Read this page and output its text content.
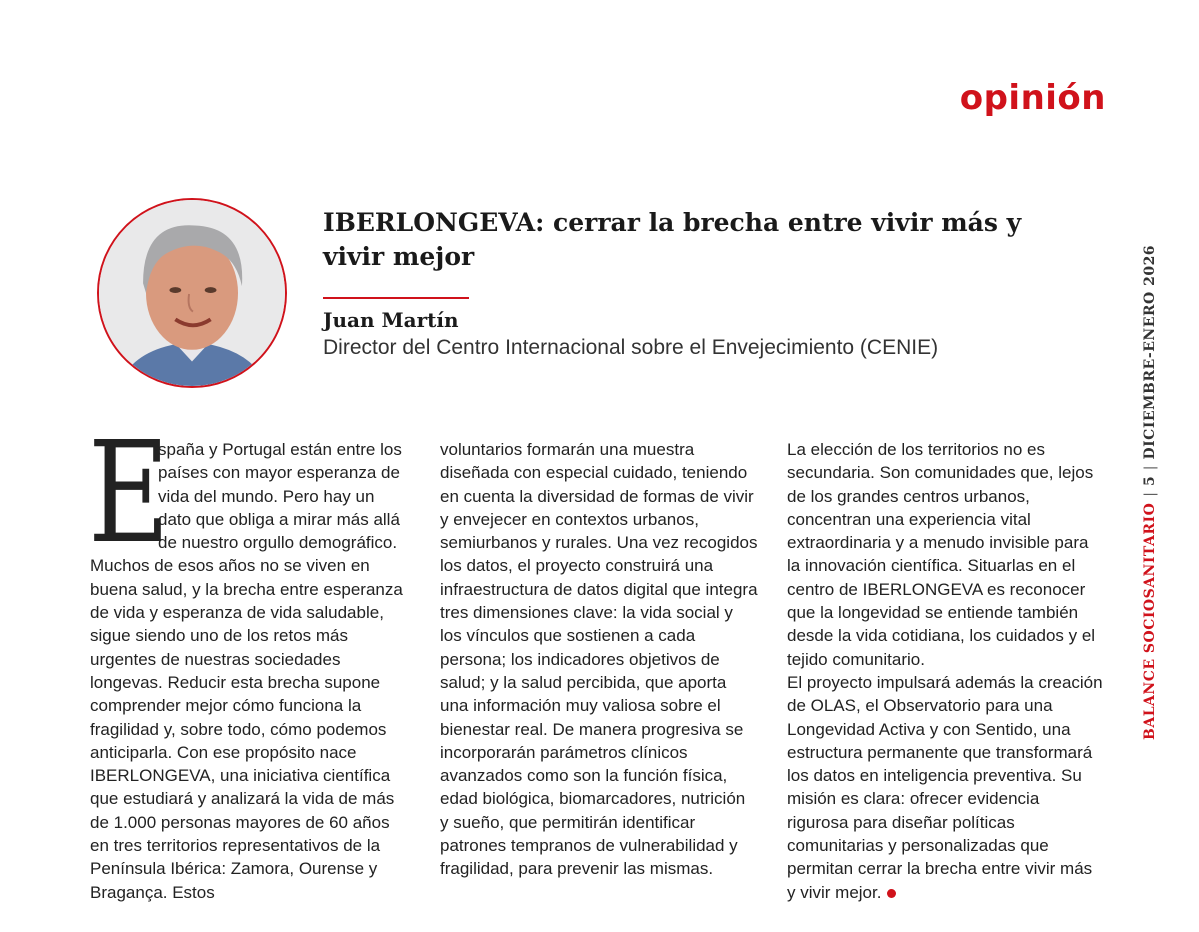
opinión
IBERLONGEVA: cerrar la brecha entre vivir más y vivir mejor
Juan Martín
Director del Centro Internacional sobre el Envejecimiento (CENIE)
E

spaña y Portugal están entre los países con mayor esperanza de vida del mundo. Pero hay un dato que obliga a mirar más allá de nuestro orgullo demográfico. Muchos de esos años no se viven en buena salud, y la brecha entre esperanza de vida y esperanza de vida saludable, sigue siendo uno de los retos más urgentes de nuestras sociedades longevas. Reducir esta brecha supone comprender mejor cómo funciona la fragilidad y, sobre todo, cómo podemos anticiparla. Con ese propósito nace IBERLONGEVA, una iniciativa científica que estudiará y analizará la vida de más de 1.000 personas mayores de 60 años en tres territorios representativos de la Península Ibérica: Zamora, Ourense y Bragança. Estos

voluntarios formarán una muestra diseñada con especial cuidado, teniendo en cuenta la diversidad de formas de vivir y envejecer en contextos urbanos, semiurbanos y rurales. Una vez recogidos los datos, el proyecto construirá una infraestructura de datos digital que integra tres dimensiones clave: la vida social y los vínculos que sostienen a cada persona; los indicadores objetivos de salud; y la salud percibida, que aporta una información muy valiosa sobre el bienestar real. De manera progresiva se incorporarán parámetros clínicos avanzados como son la función física, edad biológica, biomarcadores, nutrición y sueño, que permitirán identificar patrones tempranos de vulnerabilidad y fragilidad, para prevenir las mismas.

La elección de los territorios no es secundaria. Son comunidades que, lejos de los grandes centros urbanos, concentran una experiencia vital extraordinaria y a menudo invisible para la innovación científica. Situarlas en el centro de IBERLONGEVA es reconocer que la longevidad se entiende también desde la vida cotidiana, los cuidados y el tejido comunitario.

El proyecto impulsará además la creación de OLAS, el Observatorio para una Longevidad Activa y con Sentido, una estructura permanente que transformará los datos en inteligencia preventiva. Su misión es clara: ofrecer evidencia rigurosa para diseñar políticas comunitarias y personalizadas que permitan cerrar la brecha entre vivir más y vivir mejor.

BALANCE SOCIOSANITARIO|5|DICIEMBRE-ENERO 2026
